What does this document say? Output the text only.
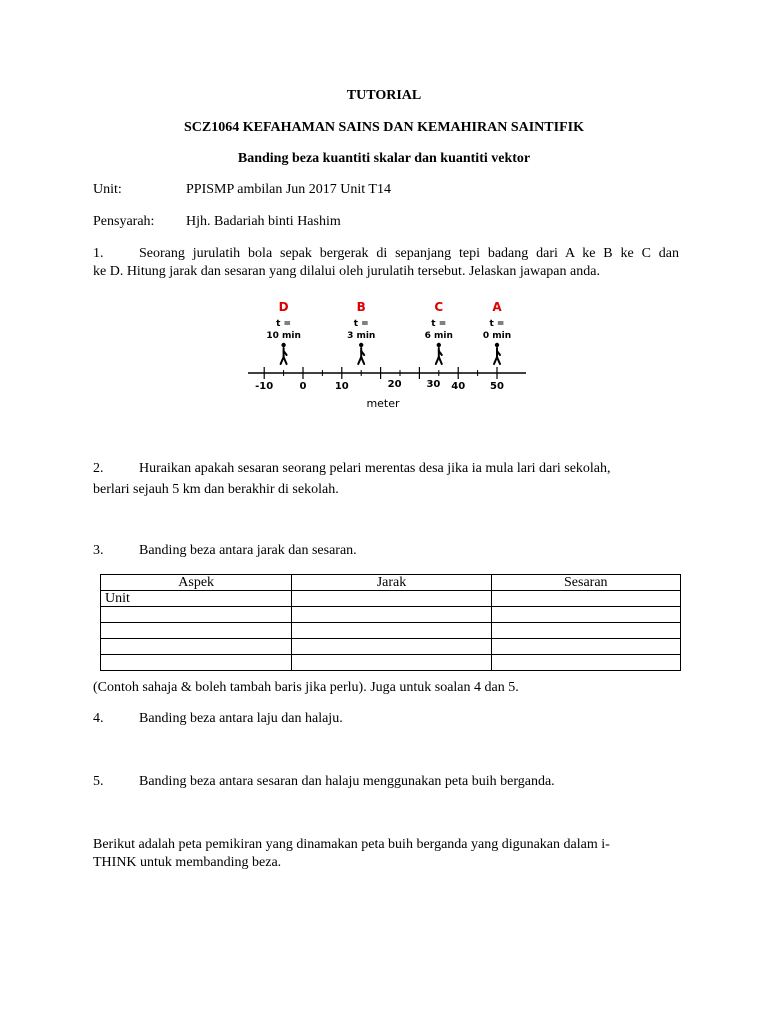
TUTORIAL
SCZ1064 KEFAHAMAN SAINS DAN KEMAHIRAN SAINTIFIK
Banding beza kuantiti skalar dan kuantiti vektor
Unit:	PPISMP ambilan Jun 2017 Unit T14
Pensyarah: Hjh. Badariah binti Hashim
1.	Seorang jurulatih bola sepak bergerak di sepanjang tepi badang dari A ke B ke C dan
ke D. Hitung jarak dan sesaran yang dilalui oleh jurulatih tersebut. Jelaskan jawapan anda.
D
t =
10 min
B
t =
3 min
C
t =
6 min
A
t =
0 min
-10	0	10	20 30 40 50
meter
2.	Huraikan apakah sesaran seorang pelari merentas desa jika ia mula lari dari sekolah,
berlari sejauh 5 km dan berakhir di sekolah.
3.	Banding beza antara jarak dan sesaran.
Aspek	Jarak	Sesaran
Unit		

(Contoh sahaja & boleh tambah baris jika perlu). Juga untuk soalan 4 dan 5.
4.	Banding beza antara laju dan halaju.
5.	Banding beza antara sesaran dan halaju menggunakan peta buih berganda.
Berikut adalah peta pemikiran yang dinamakan peta buih berganda yang digunakan dalam i-
THINK untuk membanding beza.
